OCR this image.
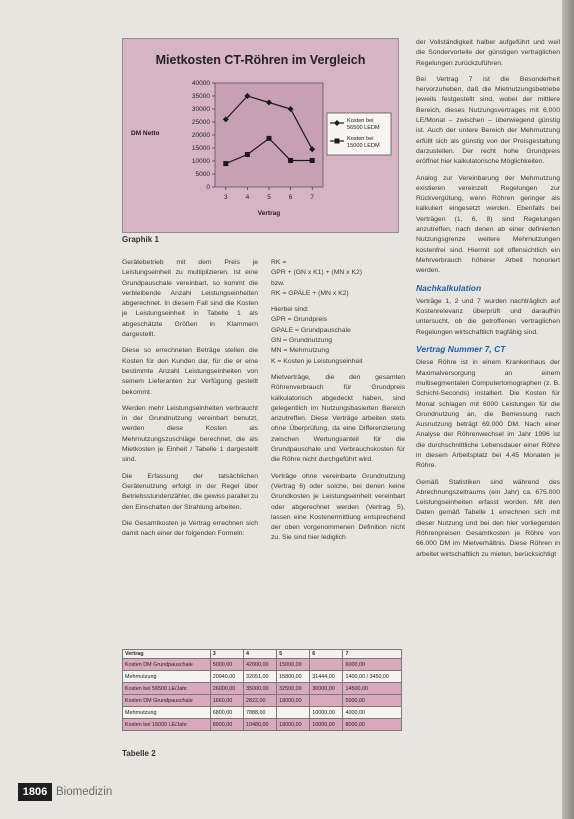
Mietkosten CT-Röhren im Vergleich
0
5000
10000
15000
20000
25000
30000
35000
40000
3	4	5	6	7
DM Netto
Vertrag
Kosten bei 56500 LEDM
Kosten bei 15000 LEDM
Graphik 1

Gerätebetrieb mit dem Preis je Leistungseinheit zu multiplizieren. Ist eine Grundpauschale vereinbart, so kommt die verbleibende Anzahl Leistungseinheiten abgerechnet. In diesem Fall sind die Kosten je Leistungseinheit in Tabelle 1 als abgeschätzte Größen in Klammern dargestellt.

Diese so errechneten Beträge stellen die Kosten für den Kunden dar, für die er eine bestimmte Anzahl Leistungseinheiten von seinem Lieferanten zur Verfügung gestellt bekommt.

Werden mehr Leistungseinheiten verbraucht in der Grundnutzung vereinbart benutzt, werden diese Kosten als Mehrnutzungszuschläge berechnet, die als Mietkosten je Einheit / Tabelle 1 dargestellt sind.

Die Erfassung der tatsächlichen Gerätenutzung erfolgt in der Regel über Betriebsstundenzähler, die gewiss parallel zu den Einschalten der Strahlung arbeiten.

Die Gesamtkosten je Vertrag errechnen sich damit nach einer der folgenden Formeln:

RK =

GPR + (GN x K1) + (MN x K2)

bzw.

RK = GPALE + (MN x K2)

Hierbei sind:

GPR = Grundpreis

GPALE = Grundpauschale

GN = Grundnutzung

MN = Mehrnutzung

K = Kosten je Leistungseinheit

Mietverträge, die den gesamten Röhrenverbrauch für Grundpreis kalkulatorisch abgedeckt haben, sind gelegentlich im Nutzungsbasierten Bereich anzutreffen. Diese Verträge arbeiten stets ohne Überprüfung, da eine Differenzierung zwischen Wertungsanteil für die Grundpauschale und Verbrauchskosten für die Röhre nicht durchgeführt wird.

Verträge ohne vereinbarte Grundnutzung (Vertrag 6) oder solche, bei denen keine Grundkosten je Leistungseinheit vereinbart oder abgerechnet werden (Vertrag 5), lassen eine Kostenermittlung entsprechend der oben vorgenommenen Definition nicht zu. Sie sind hier lediglich

der Vollständigkeit halber aufgeführt und weil die Sondervorteile der günstigen vertraglichen Regelungen zurückzuführen.

Bei Vertrag 7 ist die Besonderheit hervorzuheben, daß die Mietnutzungsbetriebe jeweils festgestellt sind, wobei der mittlere Bereich, dieses Nutzungsvertrages mit 6.000 LE/Monat – zwischen – überwiegend günstig ist. Auch der untere Bereich der Mehrnutzung erfüllt sich als günstig von der Preisgestaltung darzustellen. Der recht hohe Grundpreis eröffnet hier kalkulatorische Möglichkeiten.

Analog zur Vereinbarung der Mehrnutzung existieren vereinzelt Regelungen zur Rückvergütung, wenn Röhren geringer als kalkuliert eingesetzt werden. Ebenfalls bei Verträgen (1, 6, 8) sind Regelungen anzutreffen, nach denen ab einer definierten Nutzungsgrenze weitere Mehrnutzungen kostenfrei sind. Hiermit soll offensichtlich ein Mehrverbrauch höherer Arbeit honoriert werden.

Nachkalkulation

Verträge 1, 2 und 7 wurden nachträglich auf Kostenrelevanz überprüft und daraufhin untersucht, ob die getroffenen vertraglichen Regelungen wirtschaftlich tragfähig sind.

Vertrag Nummer 7, CT

Diese Röhre ist in einem Krankenhaus der Maximalversorgung an einem multisegmentalen Computertomographen (z. B. Schicht-Seconds) installiert. Die Kosten für Monat schlagen mit 6000 Leistungen für die Grundnutzung an, die Bemessung nach Ausnutzung beträgt 69.000 DM. Nach einer Analyse der Röhrenwechsel im Jahr 1996 ist die durchschnittliche Lebensdauer einer Röhre in diesem Arbeitsplatz bei 4,45 Monaten je Röhre.

Gemäß Statistiken sind während des Abrechnungszeitraums (ein Jahr) ca. 675.000 Leistungseinheiten erfasst worden. Mit den Daten gemäß Tabelle 1 errechnen sich mit dieser Nutzung und bei den hier vorliegenden Röhrenpreisen Gesamtkosten je Röhre von 66.000 DM im Mietverhältnis. Diese Röhren in arbeitet wirtschaftlich zu mieten, berücksichtigt

Vertrag	3	4	5	6	7
Kosten DM Grundpauschale	5000,00	42000,00	15000,00		6000,00
Mehrnutzung	20940,00	32051,00	15800,00	31444,00	1400,00 / 3450,00
Kosten bei 56500 LE/Jahr	26000,00	35000,00	32500,00	30000,00	14500,00
Kosten DM Grundpauschale	1660,00	2822,00	18000,00		5000,00
Mehrnutzung	6800,00	7888,00		10000,00	4000,00
Kosten bei 15000 LE/Jahr	8900,00	10480,00	18000,00	10000,00	8000,00
Tabelle 2
1806 Biomedizin
